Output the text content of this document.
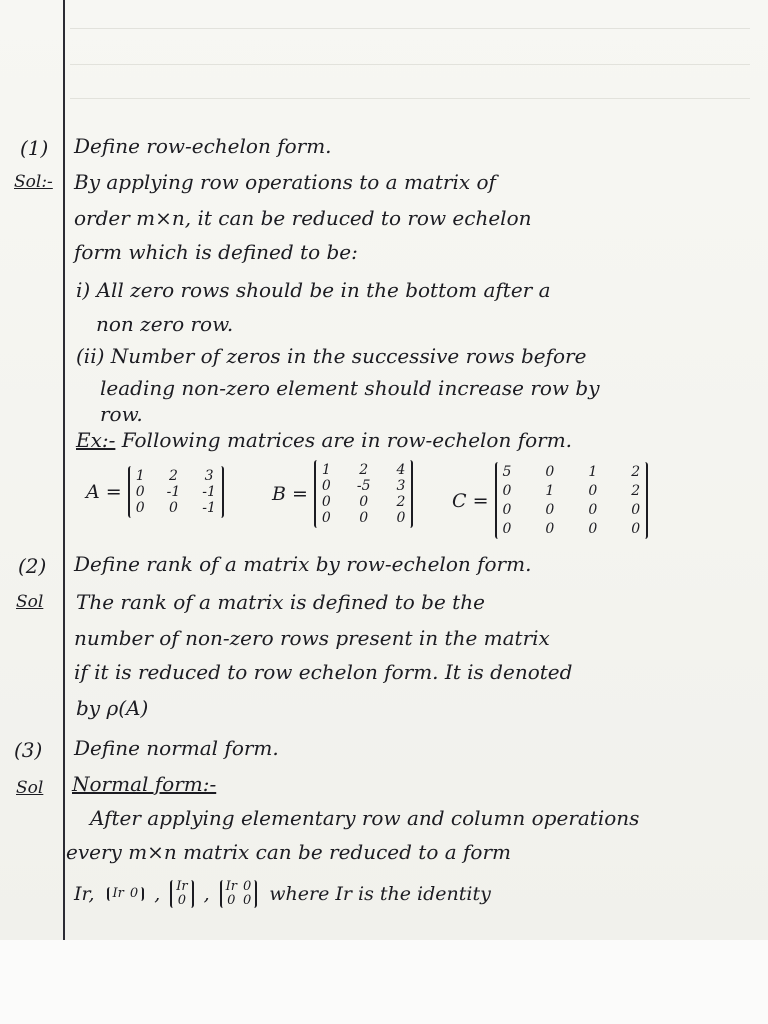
(1) Define row-echelon form.
Sol:- By applying row operations to a matrix of
order m×n, it can be reduced to row echelon
form which is defined to be:
i) All zero rows should be in the bottom after a
non zero row.
(ii) Number of zeros in the successive rows before
leading non-zero element should increase row by
row.
Ex:- Following matrices are in row-echelon form.
A =
1 2 3
0 -1 -1
0 0 -1
B =
1 2 4
0 -5 3
0 0 2
0 0 0
C =
5 0 1 2
0 1 0 2
0 0 0 0
0 0 0 0
(2) Define rank of a matrix by row-echelon form.
Sol The rank of a matrix is defined to be the
number of non-zero rows present in the matrix
if it is reduced to row echelon form. It is denoted
by ρ(A)
(3) Define normal form.
Sol Normal form:-
After applying elementary row and column operations
every m×n matrix can be reduced to a form
Ir, Ir 0 , Ir
0 , Ir 0
0 0 where Ir is the identity
